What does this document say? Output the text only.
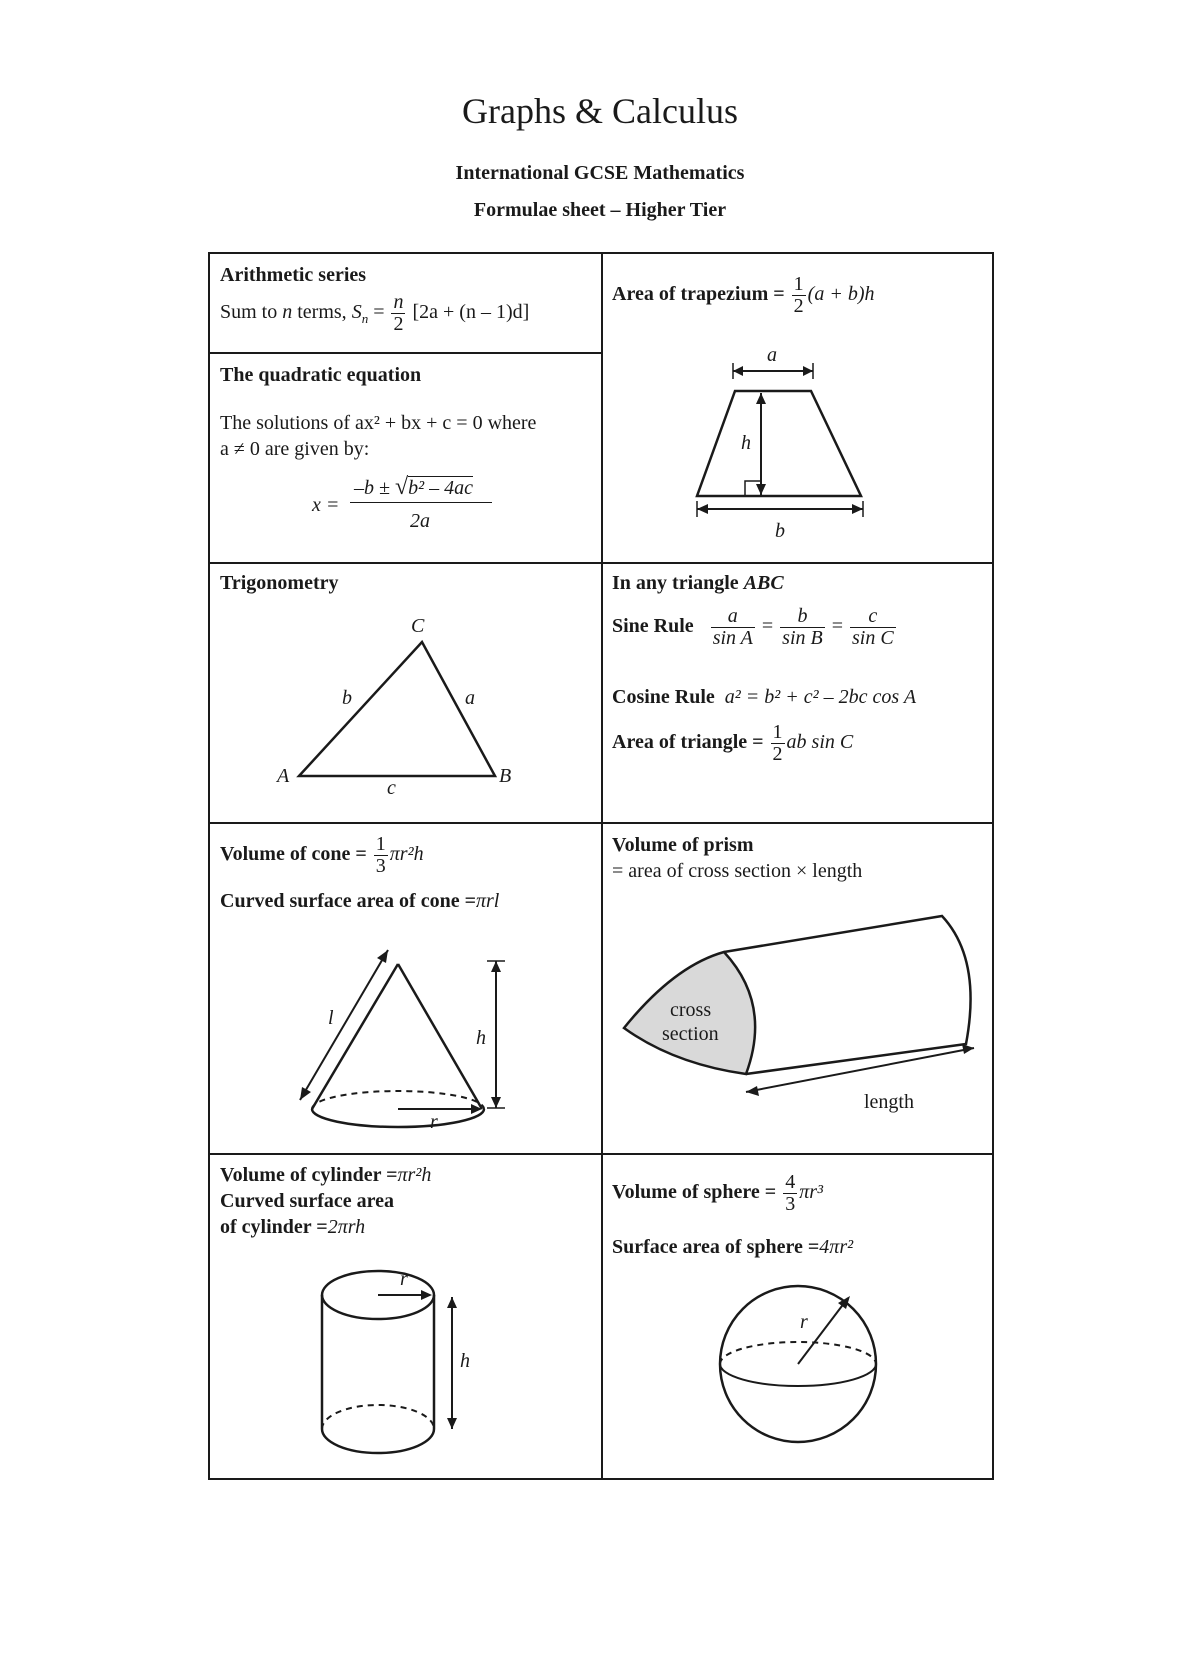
Graphs & Calculus
International GCSE Mathematics
Formulae sheet – Higher Tier
Arithmetic series
Sum to n terms, $S_n = \frac{n}{2} [2a + (n - 1)d]$
The quadratic equation
The solutions of ax² + bx + c = 0 where
a ≠ 0 are given by:
x =
–b ± √b² – 4ac
2a
Area of trapezium = $\frac{1}{2} (a + b)h$
a
h
b
Trigonometry
C
A	B
b	a
c
In any triangle ABC
Sine Rule $\frac{a}{\text{sin A}} = \frac{b}{\text{sin B}} = \frac{c}{\text{sin C}}$
Cosine Rule a² = b² + c² – 2bc cos A
Area of triangle = $\frac{1}{2}$ ab sin C
Volume of cone = $\frac{1}{3} \pi r^2h$
Curved surface area of cone =πrl
l
h
r
Volume of prism
= area of cross section × length
cross
section
length
Volume of cylinder =πr²h
Curved surface area
of cylinder =2πrh
r
h
Volume of sphere = $\frac{4}{3} \pi r^3$
Surface area of sphere =4πr²
r
